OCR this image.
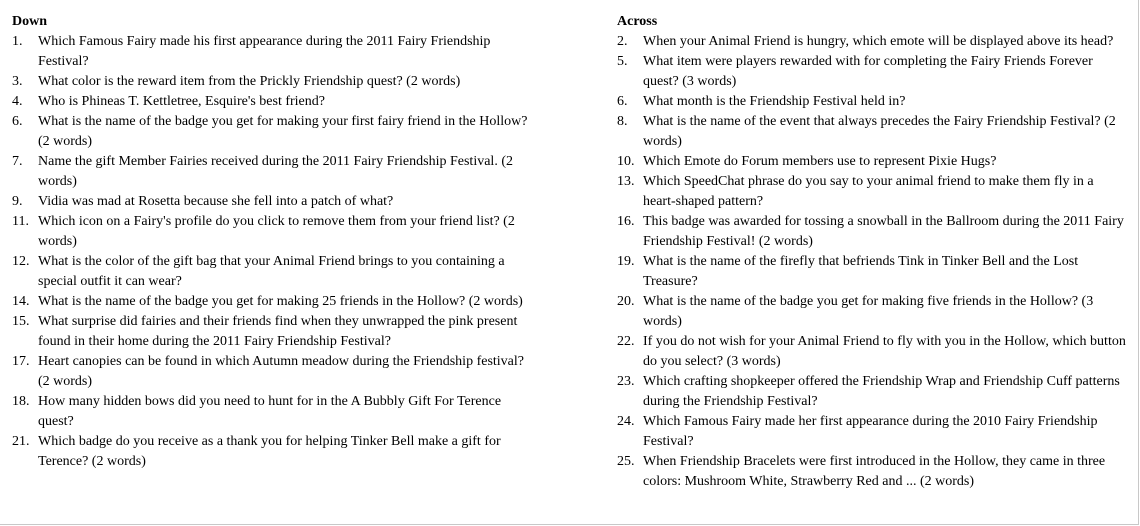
Down
1.	Which Famous Fairy made his first appearance during the 2011 Fairy Friendship Festival?
3.	What color is the reward item from the Prickly Friendship quest? (2 words)
4.	Who is Phineas T. Kettletree, Esquire's best friend?
6.	What is the name of the badge you get for making your first fairy friend in the Hollow? (2 words)
7.	Name the gift Member Fairies received during the 2011 Fairy Friendship Festival. (2 words)
9.	Vidia was mad at Rosetta because she fell into a patch of what?
11. Which icon on a Fairy's profile do you click to remove them from your friend list? (2 words)
12. What is the color of the gift bag that your Animal Friend brings to you containing a special outfit it can wear?
14. What is the name of the badge you get for making 25 friends in the Hollow? (2 words)
15. What surprise did fairies and their friends find when they unwrapped the pink present found in their home during the 2011 Fairy Friendship Festival?
17. Heart canopies can be found in which Autumn meadow during the Friendship festival? (2 words)
18. How many hidden bows did you need to hunt for in the A Bubbly Gift For Terence quest?
21. Which badge do you receive as a thank you for helping Tinker Bell make a gift for Terence? (2 words)
Across
2.	When your Animal Friend is hungry, which emote will be displayed above its head?
5.	What item were players rewarded with for completing the Fairy Friends Forever quest? (3 words)
6.	What month is the Friendship Festival held in?
8.	What is the name of the event that always precedes the Fairy Friendship Festival? (2 words)
10. Which Emote do Forum members use to represent Pixie Hugs?
13. Which SpeedChat phrase do you say to your animal friend to make them fly in a heart-shaped pattern?
16. This badge was awarded for tossing a snowball in the Ballroom during the 2011 Fairy Friendship Festival! (2 words)
19. What is the name of the firefly that befriends Tink in Tinker Bell and the Lost Treasure?
20. What is the name of the badge you get for making five friends in the Hollow? (3 words)
22. If you do not wish for your Animal Friend to fly with you in the Hollow, which button do you select? (3 words)
23. Which crafting shopkeeper offered the Friendship Wrap and Friendship Cuff patterns during the Friendship Festival?
24. Which Famous Fairy made her first appearance during the 2010 Fairy Friendship Festival?
25. When Friendship Bracelets were first introduced in the Hollow, they came in three colors: Mushroom White, Strawberry Red and ... (2 words)
